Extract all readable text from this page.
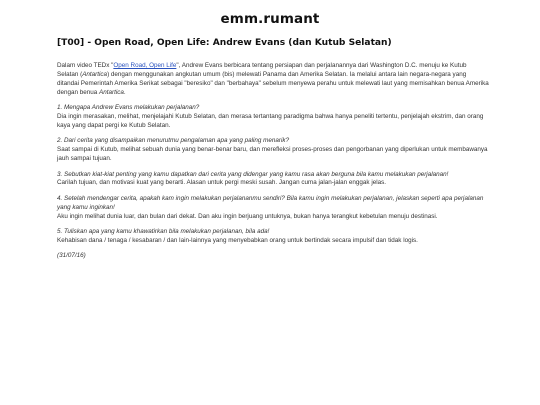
emm.rumant
[T00] - Open Road, Open Life: Andrew Evans (dan Kutub Selatan)

Dalam video TEDx "Open Road, Open Life", Andrew Evans berbicara tentang persiapan dan perjalanannya dari Washington D.C. menuju ke Kutub Selatan (Antartica) dengan menggunakan angkutan umum (bis) melewati Panama dan Amerika Selatan. Ia melalui antara lain negara-negara yang ditandai Pemerintah Amerika Serikat sebagai "beresiko" dan "berbahaya" sebelum menyewa perahu untuk melewati laut yang memisahkan benua Amerika dengan benua Antartica.

1. Mengapa Andrew Evans melakukan perjalanan?
Dia ingin merasakan, melihat, menjelajahi Kutub Selatan, dan merasa tertantang paradigma bahwa hanya peneliti tertentu, penjelajah ekstrim, dan orang kaya yang dapat pergi ke Kutub Selatan.

2. Dari cerita yang disampaikan menurutmu pengalaman apa yang paling menarik?
Saat sampai di Kutub, melihat sebuah dunia yang benar-benar baru, dan merefleksi proses-proses dan pengorbanan yang diperlukan untuk membawanya jauh sampai tujuan.

3. Sebutkan kiat-kiat penting yang kamu dapatkan dari cerita yang didengar yang kamu rasa akan berguna bila kamu melakukan perjalanan!
Carilah tujuan, dan motivasi kuat yang berarti. Alasan untuk pergi meski susah. Jangan cuma jalan-jalan enggak jelas.

4. Setelah mendengar cerita, apakah kam ingin melakukan perjalananmu sendiri? Bila kamu ingin melakukan perjalanan, jelaskan seperti apa perjalanan yang kamu inginkan!
Aku ingin melihat dunia luar, dan bulan dari dekat. Dan aku ingin berjuang untuknya, bukan hanya terangkut kebetulan menuju destinasi.

5. Tuliskan apa yang kamu khawatirkan bila melakukan perjalanan, bila ada!
Kehabisan dana / tenaga / kesabaran / dan lain-lainnya yang menyebabkan orang untuk bertindak secara impulsif dan tidak logis.

(31/07/16)
